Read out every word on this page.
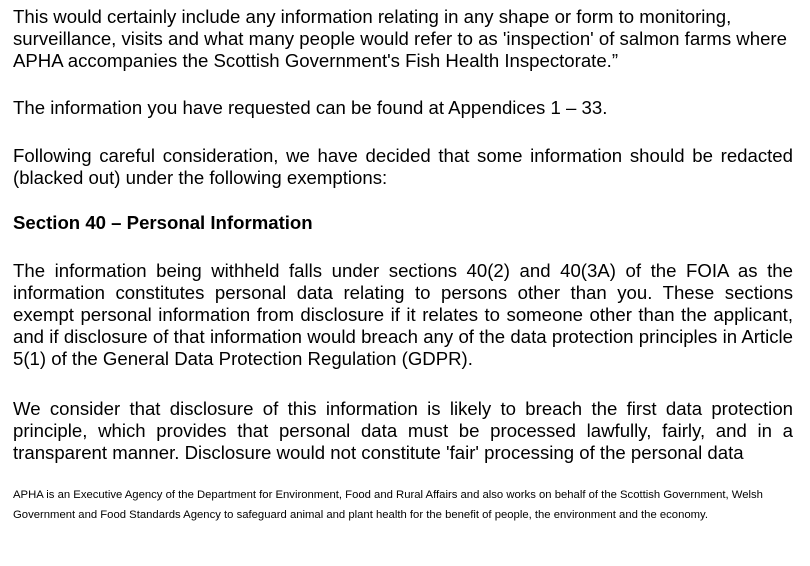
This would certainly include any information relating in any shape or form to monitoring, surveillance, visits and what many people would refer to as 'inspection' of salmon farms where APHA accompanies the Scottish Government's Fish Health Inspectorate.”

The information you have requested can be found at Appendices 1 – 33.

Following careful consideration, we have decided that some information should be redacted (blacked out) under the following exemptions:

Section 40 – Personal Information

The information being withheld falls under sections 40(2) and 40(3A) of the FOIA as the information constitutes personal data relating to persons other than you. These sections exempt personal information from disclosure if it relates to someone other than the applicant, and if disclosure of that information would breach any of the data protection principles in Article 5(1) of the General Data Protection Regulation (GDPR).

We consider that disclosure of this information is likely to breach the first data protection principle, which provides that personal data must be processed lawfully, fairly, and in a transparent manner. Disclosure would not constitute 'fair' processing of the personal data

APHA is an Executive Agency of the Department for Environment, Food and Rural Affairs and also works on behalf of the Scottish Government, Welsh Government and Food Standards Agency to safeguard animal and plant health for the benefit of people, the environment and the economy.
